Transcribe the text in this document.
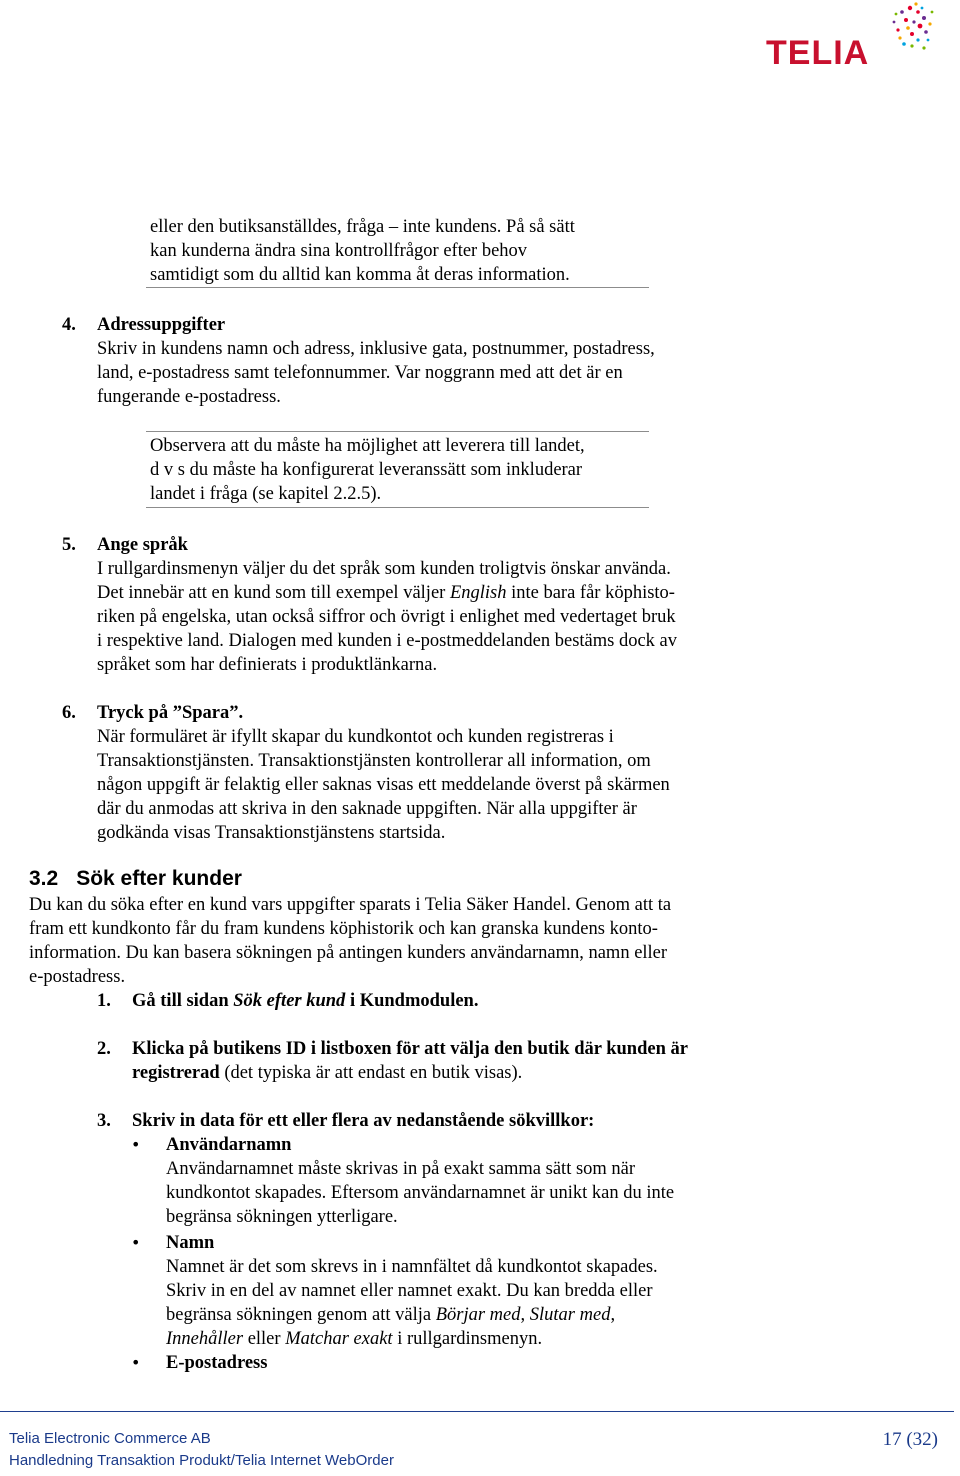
TELIA
eller den butiksanställdes, fråga – inte kundens. På så sätt
kan kunderna ändra sina kontrollfrågor efter behov
samtidigt som du alltid kan komma åt deras information.
4. Adressuppgifter
Skriv in kundens namn och adress, inklusive gata, postnummer, postadress,
land, e-postadress samt telefonnummer. Var noggrann med att det är en
fungerande e-postadress.
Observera att du måste ha möjlighet att leverera till landet,
d v s du måste ha konfigurerat leveranssätt som inkluderar
landet i fråga (se kapitel 2.2.5).
5. Ange språk
I rullgardinsmenyn väljer du det språk som kunden troligtvis önskar använda.
Det innebär att en kund som till exempel väljer English inte bara får köphisto-
riken på engelska, utan också siffror och övrigt i enlighet med vedertaget bruk
i respektive land. Dialogen med kunden i e-postmeddelanden bestäms dock av
språket som har definierats i produktlänkarna.
6. Tryck på ”Spara”.
När formuläret är ifyllt skapar du kundkontot och kunden registreras i
Transaktionstjänsten. Transaktionstjänsten kontrollerar all information, om
någon uppgift är felaktig eller saknas visas ett meddelande överst på skärmen
där du anmodas att skriva in den saknade uppgiften. När alla uppgifter är
godkända visas Transaktionstjänstens startsida.
3.2 Sök efter kunder
Du kan du söka efter en kund vars uppgifter sparats i Telia Säker Handel. Genom att ta
fram ett kundkonto får du fram kundens köphistorik och kan granska kundens konto-
information. Du kan basera sökningen på antingen kunders användarnamn, namn eller
e-postadress.
1. Gå till sidan Sök efter kund i Kundmodulen.
2. Klicka på butikens ID i listboxen för att välja den butik där kunden är
registrerad (det typiska är att endast en butik visas).
3. Skriv in data för ett eller flera av nedanstående sökvillkor:
• Användarnamn
Användarnamnet måste skrivas in på exakt samma sätt som när
kundkontot skapades. Eftersom användarnamnet är unikt kan du inte
begränsa sökningen ytterligare.
• Namn
Namnet är det som skrevs in i namnfältet då kundkontot skapades.
Skriv in en del av namnet eller namnet exakt. Du kan bredda eller
begränsa sökningen genom att välja Börjar med, Slutar med,
Innehåller eller Matchar exakt i rullgardinsmenyn.
• E-postadress
Telia Electronic Commerce AB
Handledning Transaktion Produkt/Telia Internet WebOrder
17 (32)
